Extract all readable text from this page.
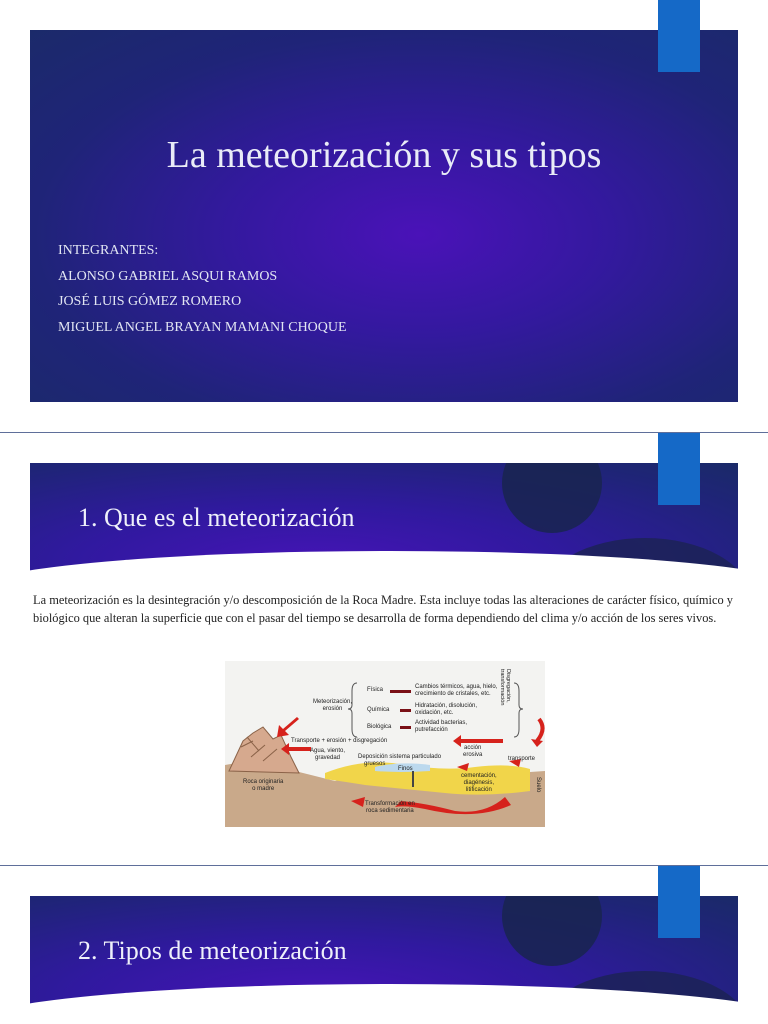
La meteorización y sus tipos
INTEGRANTES:
ALONSO GABRIEL ASQUI RAMOS
JOSÉ LUIS GÓMEZ ROMERO
MIGUEL ANGEL BRAYAN MAMANI CHOQUE
1. Que es el meteorización
La meteorización es la desintegración y/o descomposición de la Roca Madre. Esta incluye todas las alteraciones de carácter físico, químico y biológico que alteran la superficie que con el pasar del tiempo se desarrolla de forma dependiendo del clima y/o acción de los seres vivos.
Meteorización,
erosión
Física
Química
Biológica
Cambios térmicos, agua, hielo,
crecimiento de cristales, etc.
Hidratación, disolución,
oxidación, etc.
Actividad bacterias,
putrefacción
Disgregación,
transformación
Transporte + erosión + disgregación
Agua, viento,
gravedad	Deposición sistema particulado
gruesos
Finos
acción
erosiva
transporte
Roca originaria
o madre
cementación,
diagénesis,
litificación
Transformación en
roca sedimentaria
Suelo
2. Tipos de meteorización
